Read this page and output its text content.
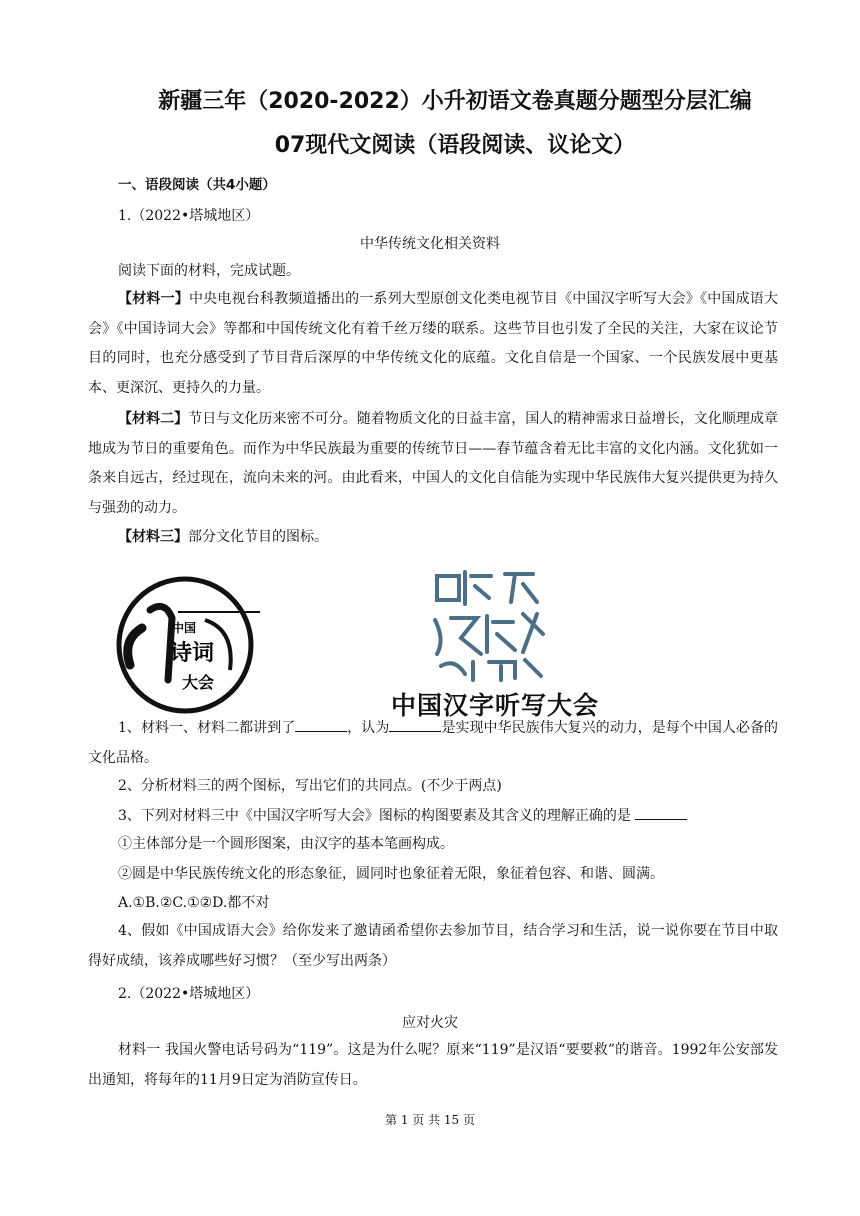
新疆三年（2020-2022）小升初语文卷真题分题型分层汇编
07现代文阅读（语段阅读、议论文）
一、语段阅读（共4小题）
1.（2022•塔城地区）
中华传统文化相关资料
阅读下面的材料，完成试题。
【材料一】中央电视台科教频道播出的一系列大型原创文化类电视节目《中国汉字听写大会》《中国成语大会》《中国诗词大会》等都和中国传统文化有着千丝万缕的联系。这些节目也引发了全民的关注，大家在议论节目的同时，也充分感受到了节目背后深厚的中华传统文化的底蕴。文化自信是一个国家、一个民族发展中更基本、更深沉、更持久的力量。
【材料二】节日与文化历来密不可分。随着物质文化的日益丰富，国人的精神需求日益增长，文化顺理成章地成为节日的重要角色。而作为中华民族最为重要的传统节日——春节蕴含着无比丰富的文化内涵。文化犹如一条来自远古，经过现在，流向未来的河。由此看来，中国人的文化自信能为实现中华民族伟大复兴提供更为持久与强劲的动力。
【材料三】部分文化节目的图标。
中国
诗词
大会
中国汉字听写大会
1、材料一、材料二都讲到了	，认为	是实现中华民族伟大复兴的动力，是每个中国人必备的文化品格。
2、分析材料三的两个图标，写出它们的共同点。(不少于两点)
3、下列对材料三中《中国汉字听写大会》图标的构图要素及其含义的理解正确的是
①主体部分是一个圆形图案，由汉字的基本笔画构成。
②圆是中华民族传统文化的形态象征，圆同时也象征着无限，象征着包容、和谐、圆满。
A.①B.②C.①②D.都不对
4、假如《中国成语大会》给你发来了邀请函希望你去参加节目，结合学习和生活，说一说你要在节目中取得好成绩，该养成哪些好习惯？（至少写出两条）
2.（2022•塔城地区）
应对火灾
材料一 我国火警电话号码为“119”。这是为什么呢？原来“119”是汉语“要要救”的谐音。1992年公安部发出通知，将每年的11月9日定为消防宣传日。
第 1 页 共 15 页
